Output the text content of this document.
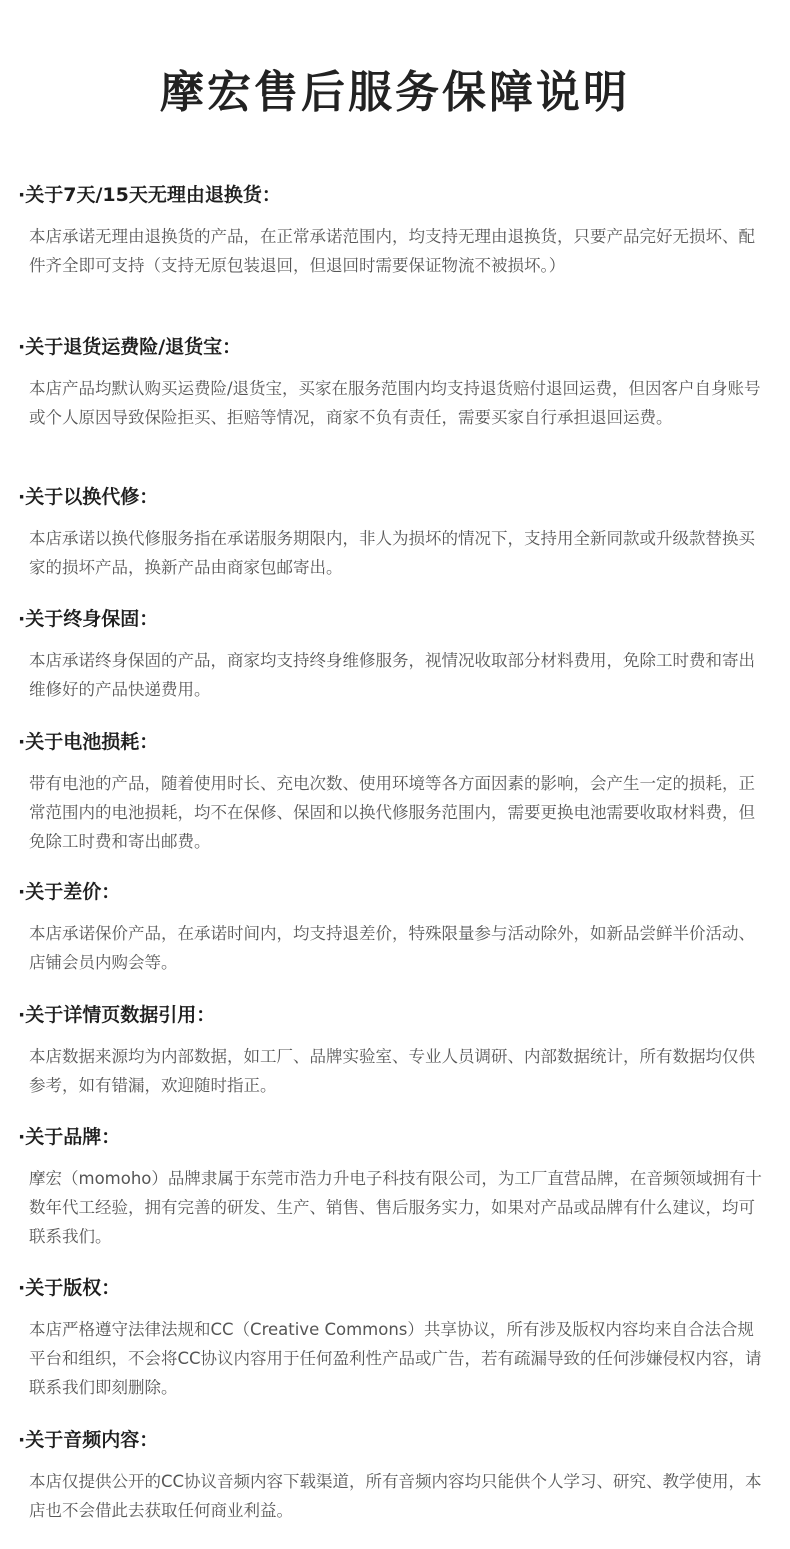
摩宏售后服务保障说明
·关于7天/15天无理由退换货：
本店承诺无理由退换货的产品，在正常承诺范围内，均支持无理由退换货，只要产品完好无损坏、配件齐全即可支持（支持无原包装退回，但退回时需要保证物流不被损坏。）
·关于退货运费险/退货宝：
本店产品均默认购买运费险/退货宝，买家在服务范围内均支持退货赔付退回运费，但因客户自身账号或个人原因导致保险拒买、拒赔等情况，商家不负有责任，需要买家自行承担退回运费。
·关于以换代修：
本店承诺以换代修服务指在承诺服务期限内，非人为损坏的情况下，支持用全新同款或升级款替换买家的损坏产品，换新产品由商家包邮寄出。
·关于终身保固：
本店承诺终身保固的产品，商家均支持终身维修服务，视情况收取部分材料费用，免除工时费和寄出维修好的产品快递费用。
·关于电池损耗：
带有电池的产品，随着使用时长、充电次数、使用环境等各方面因素的影响，会产生一定的损耗，正常范围内的电池损耗，均不在保修、保固和以换代修服务范围内，需要更换电池需要收取材料费，但免除工时费和寄出邮费。
·关于差价：
本店承诺保价产品，在承诺时间内，均支持退差价，特殊限量参与活动除外，如新品尝鲜半价活动、店铺会员内购会等。
·关于详情页数据引用：
本店数据来源均为内部数据，如工厂、品牌实验室、专业人员调研、内部数据统计，所有数据均仅供参考，如有错漏，欢迎随时指正。
·关于品牌：
摩宏（momoho）品牌隶属于东莞市浩力升电子科技有限公司，为工厂直营品牌，在音频领域拥有十数年代工经验，拥有完善的研发、生产、销售、售后服务实力，如果对产品或品牌有什么建议，均可联系我们。
·关于版权：
本店严格遵守法律法规和CC（Creative Commons）共享协议，所有涉及版权内容均来自合法合规平台和组织，不会将CC协议内容用于任何盈利性产品或广告，若有疏漏导致的任何涉嫌侵权内容，请联系我们即刻删除。
·关于音频内容：
本店仅提供公开的CC协议音频内容下载渠道，所有音频内容均只能供个人学习、研究、教学使用，本店也不会借此去获取任何商业利益。
